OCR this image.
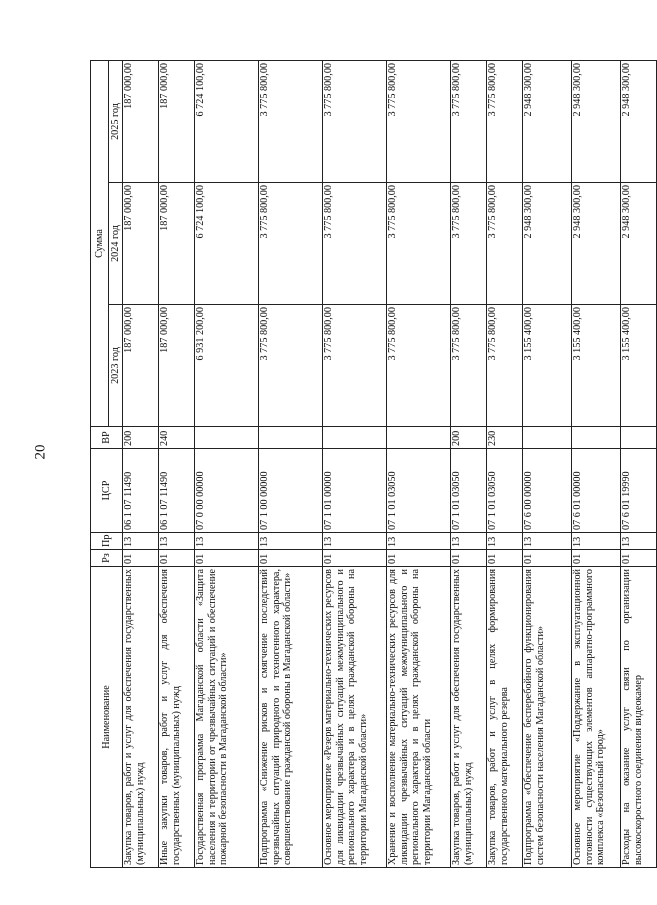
20
Наименование	Рз	Пр	ЦСР	ВР	Сумма		
					2023 год	2024 год	2025 год
Закупка товаров, работ и услуг для обеспечения государственных (муниципальных) нужд	01	13	06 1 07 11490	200	187 000,00	187 000,00	187 000,00
Иные закупки товаров, работ и услуг для обеспечения государственных (муниципальных) нужд	01	13	06 1 07 11490	240	187 000,00	187 000,00	187 000,00
Государственная программа Магаданской области «Защита населения и территории от чрезвычайных ситуаций и обеспечение пожарной безопасности в Магаданской области»	01	13	07 0 00 00000		6 931 200,00	6 724 100,00	6 724 100,00
Подпрограмма «Снижение рисков и смягчение последствий чрезвычайных ситуаций природного и техногенного характера, совершенствование гражданской обороны в Магаданской области»	01	13	07 1 00 00000		3 775 800,00	3 775 800,00	3 775 800,00
Основное мероприятие «Резерв материально-технических ресурсов для ликвидации чрезвычайных ситуаций межмуниципального и регионального характера и в целях гражданской обороны на территории Магаданской области»	01	13	07 1 01 00000		3 775 800,00	3 775 800,00	3 775 800,00
Хранение и восполнение материально-технических ресурсов для ликвидации чрезвычайных ситуаций межмуниципального и регионального характера и в целях гражданской обороны на территории Магаданской области	01	13	07 1 01 03050		3 775 800,00	3 775 800,00	3 775 800,00
Закупка товаров, работ и услуг для обеспечения государственных (муниципальных) нужд	01	13	07 1 01 03050	200	3 775 800,00	3 775 800,00	3 775 800,00
Закупка товаров, работ и услуг в целях формирования государственного материального резерва	01	13	07 1 01 03050	230	3 775 800,00	3 775 800,00	3 775 800,00
Подпрограмма «Обеспечение бесперебойного функционирования систем безопасности населения Магаданской области»	01	13	07 6 00 00000		3 155 400,00	2 948 300,00	2 948 300,00
Основное мероприятие «Поддержание в эксплуатационной готовности существующих элементов аппаратно-программного комплекса «Безопасный город»	01	13	07 6 01 00000		3 155 400,00	2 948 300,00	2 948 300,00
Расходы на оказание услуг связи по организации высокоскоростного соединения видеокамер	01	13	07 6 01 19990		3 155 400,00	2 948 300,00	2 948 300,00
